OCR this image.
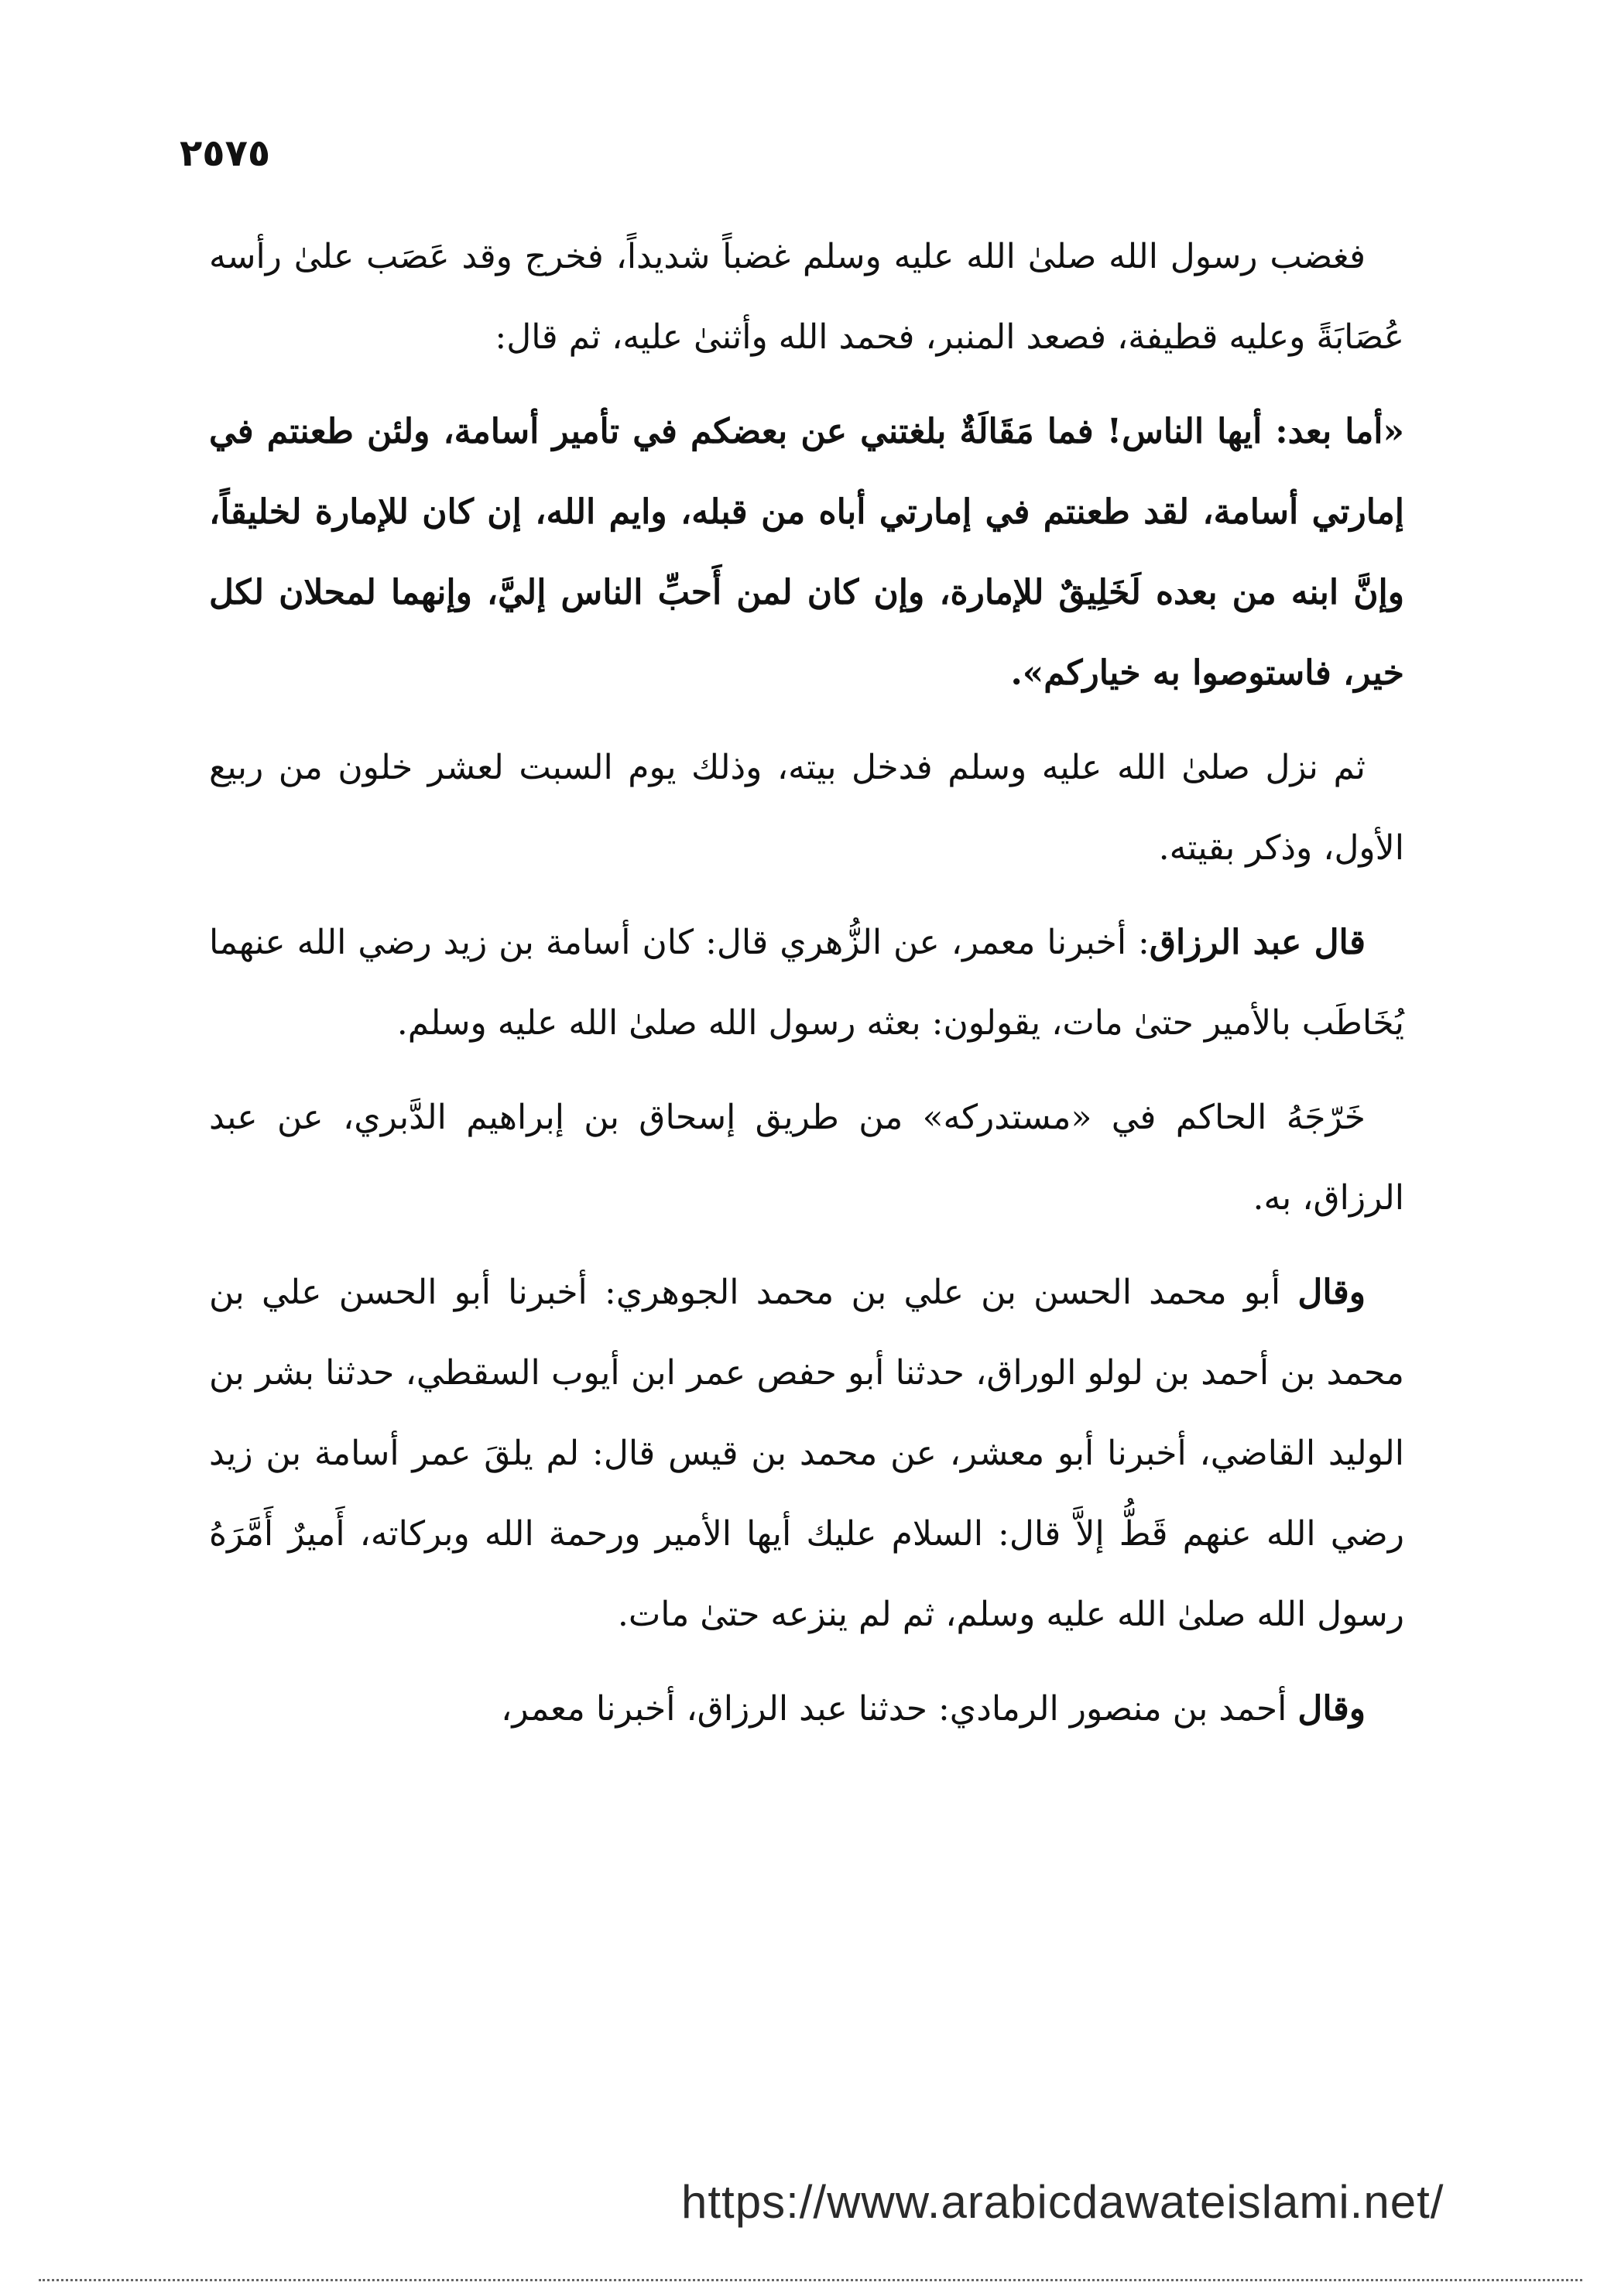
٢٥٧٥

فغضب رسول الله صلىٰ الله عليه وسلم غضباً شديداً، فخرج وقد عَصَب علىٰ رأسه عُصَابَةً وعليه قطيفة، فصعد المنبر، فحمد الله وأثنىٰ عليه، ثم قال:

«أما بعد: أيها الناس! فما مَقَالَةٌ بلغتني عن بعضكم في تأمير أسامة، ولئن طعنتم في إمارتي أسامة، لقد طعنتم في إمارتي أباه من قبله، وايم الله، إن كان للإمارة لخليقاً، وإنَّ ابنه من بعده لَخَلِيقٌ للإمارة، وإن كان لمن أَحبِّ الناس إليَّ، وإنهما لمحلان لكل خير، فاستوصوا به خياركم».

ثم نزل صلىٰ الله عليه وسلم فدخل بيته، وذلك يوم السبت لعشر خلون من ربيع الأول، وذكر بقيته.

قال عبد الرزاق: أخبرنا معمر، عن الزُّهري قال: كان أسامة بن زيد رضي الله عنهما يُخَاطَب بالأمير حتىٰ مات، يقولون: بعثه رسول الله صلىٰ الله عليه وسلم.

خَرّجَهُ الحاكم في «مستدركه» من طريق إسحاق بن إبراهيم الدَّبري، عن عبد الرزاق، به.

وقال أبو محمد الحسن بن علي بن محمد الجوهري: أخبرنا أبو الحسن علي بن محمد بن أحمد بن لولو الوراق، حدثنا أبو حفص عمر ابن أيوب السقطي، حدثنا بشر بن الوليد القاضي، أخبرنا أبو معشر، عن محمد بن قيس قال: لم يلقَ عمر أسامة بن زيد رضي الله عنهم قَطُّ إلاَّ قال: السلام عليك أيها الأمير ورحمة الله وبركاته، أَميرٌ أَمَّرَهُ رسول الله صلىٰ الله عليه وسلم، ثم لم ينزعه حتىٰ مات.

وقال أحمد بن منصور الرمادي: حدثنا عبد الرزاق، أخبرنا معمر،

https://www.arabicdawateislami.net/
